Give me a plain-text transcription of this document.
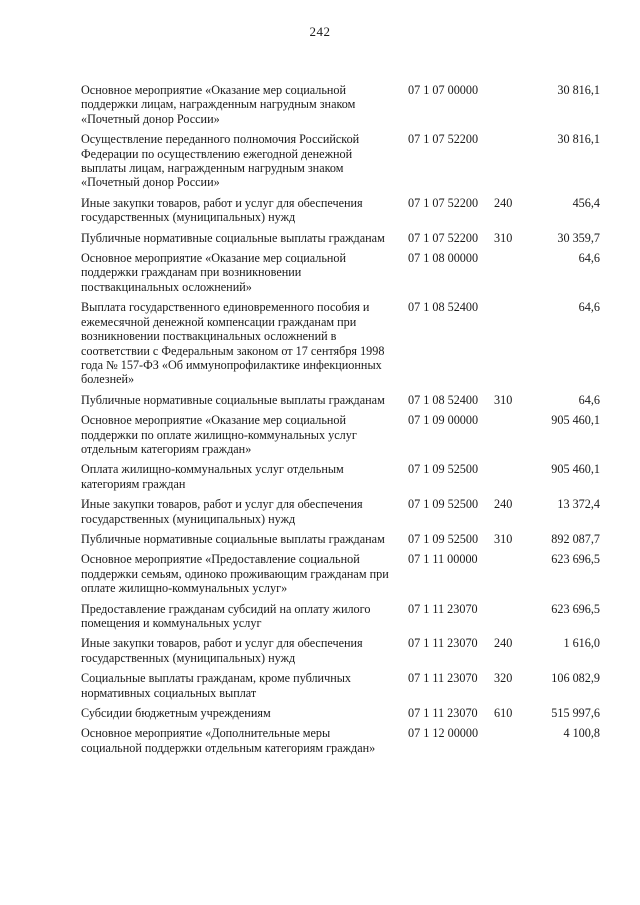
242
Основное мероприятие «Оказание мер социальной поддержки лицам, награжденным нагрудным знаком «Почетный донор России»
07 1 07 00000	30 816,1
Осуществление переданного полномочия Российской Федерации по осуществлению ежегодной денежной выплаты лицам, награжденным нагрудным знаком «Почетный донор России»
07 1 07 52200	30 816,1
Иные закупки товаров, работ и услуг для обеспечения государственных (муниципальных) нужд
07 1 07 52200 240	456,4
Публичные нормативные социальные выплаты гражданам	07 1 07 52200 310	30 359,7
Основное мероприятие «Оказание мер социальной поддержки гражданам при возникновении поствакцинальных осложнений»
07 1 08 00000	64,6
Выплата государственного единовременного пособия и ежемесячной денежной компенсации гражданам при возникновении поствакцинальных осложнений в соответствии с Федеральным законом от 17 сентября 1998 года № 157-ФЗ «Об иммунопрофилактике инфекционных болезней»
07 1 08 52400	64,6
Публичные нормативные социальные выплаты гражданам	07 1 08 52400 310	64,6
Основное мероприятие «Оказание мер социальной поддержки по оплате жилищно-коммунальных услуг отдельным категориям граждан»
07 1 09 00000	905 460,1
Оплата жилищно-коммунальных услуг отдельным категориям граждан
07 1 09 52500	905 460,1
Иные закупки товаров, работ и услуг для обеспечения государственных (муниципальных) нужд
07 1 09 52500 240	13 372,4
Публичные нормативные социальные выплаты гражданам	07 1 09 52500 310	892 087,7
Основное мероприятие «Предоставление социальной поддержки семьям, одиноко проживающим гражданам при оплате жилищно-коммунальных услуг»
07 1 11 00000	623 696,5
Предоставление гражданам субсидий на оплату жилого помещения и коммунальных услуг
07 1 11 23070	623 696,5
Иные закупки товаров, работ и услуг для обеспечения государственных (муниципальных) нужд
07 1 11 23070 240	1 616,0
Социальные выплаты гражданам, кроме публичных нормативных социальных выплат
07 1 11 23070 320	106 082,9
Субсидии бюджетным учреждениям	07 1 11 23070 610	515 997,6
Основное мероприятие «Дополнительные меры социальной поддержки отдельным категориям граждан»
07 1 12 00000	4 100,8
